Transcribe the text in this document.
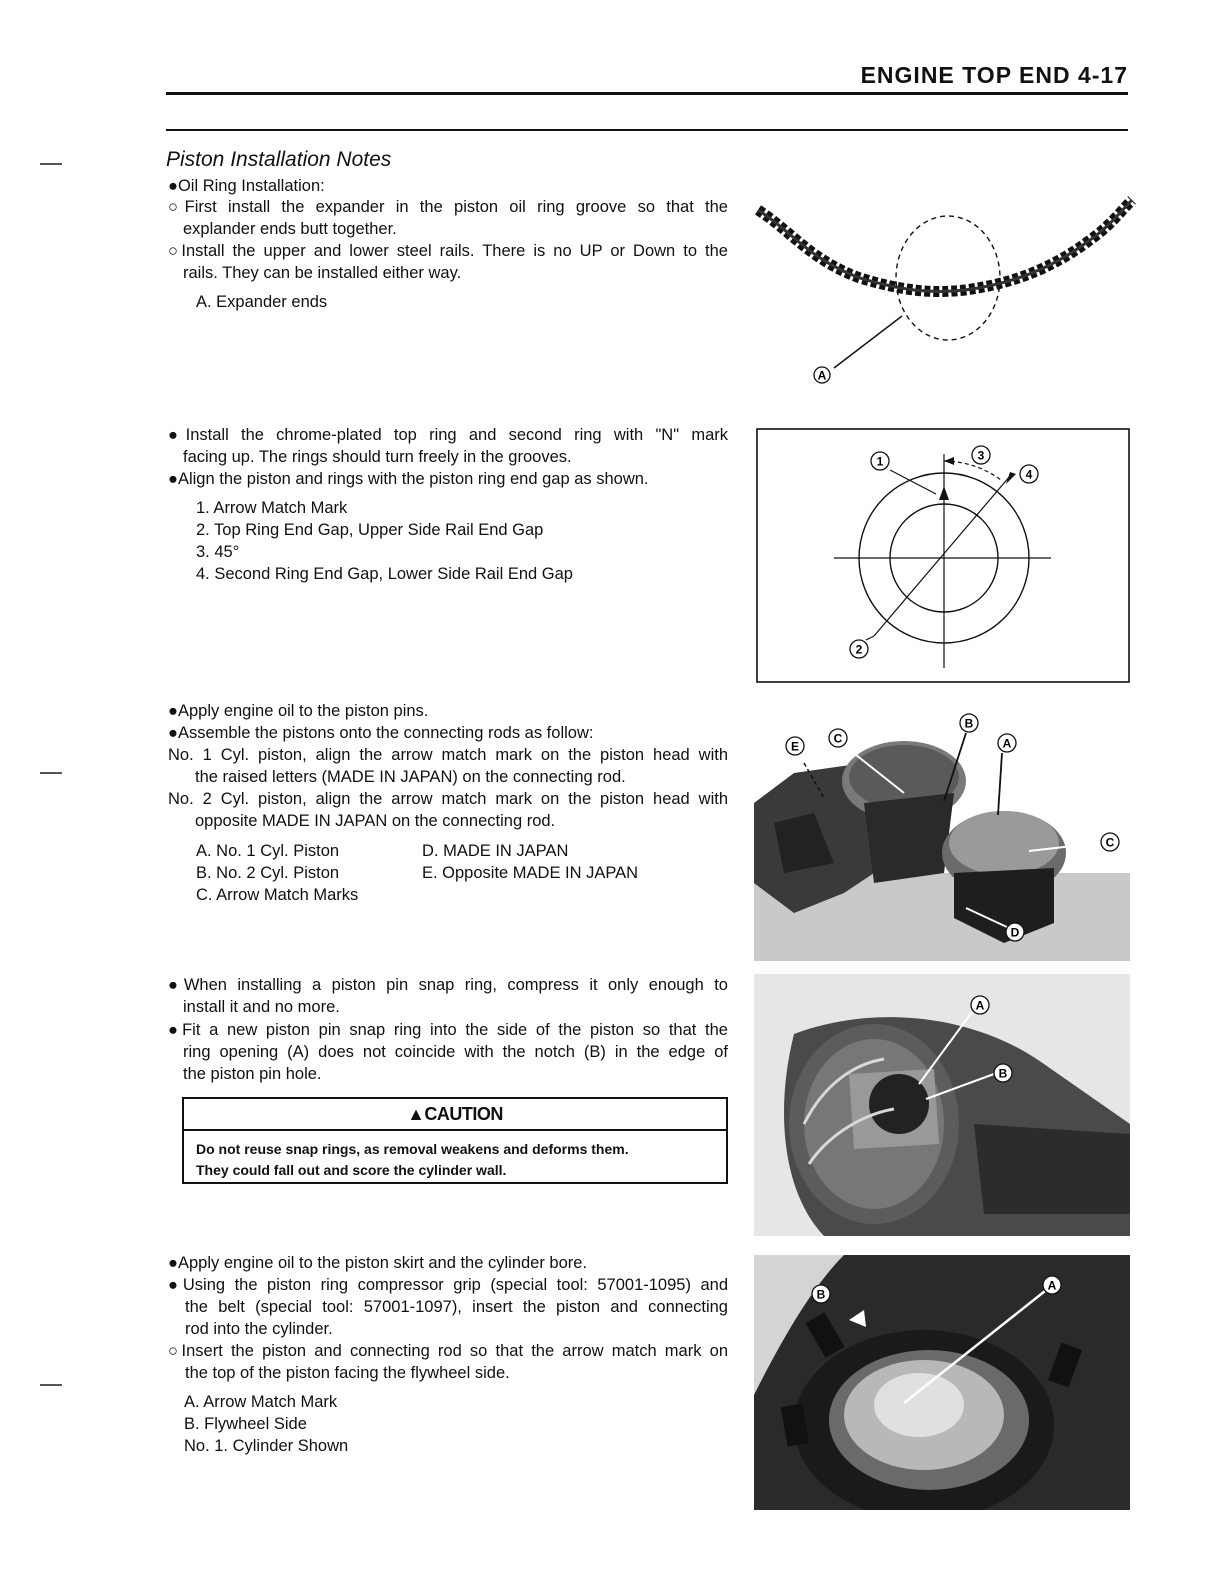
ENGINE TOP END 4-17
Piston Installation Notes
●Oil Ring Installation:
○First install the expander in the piston oil ring groove so that the
explander ends butt together.
○Install the upper and lower steel rails. There is no UP or Down to the
rails. They can be installed either way.
A. Expander ends
A
●Install the chrome-plated top ring and second ring with "N" mark
facing up. The rings should turn freely in the grooves.
●Align the piston and rings with the piston ring end gap as shown.
1. Arrow Match Mark
2. Top Ring End Gap, Upper Side Rail End Gap
3. 45°
4. Second Ring End Gap, Lower Side Rail End Gap
1
2
3
4
●Apply engine oil to the piston pins.
●Assemble the pistons onto the connecting rods as follow:
No. 1 Cyl. piston, align the arrow match mark on the piston head with
the raised letters (MADE IN JAPAN) on the connecting rod.
No. 2 Cyl. piston, align the arrow match mark on the piston head with
opposite MADE IN JAPAN on the connecting rod.
A. No. 1 Cyl. Piston
B. No. 2 Cyl. Piston
C. Arrow Match Marks
D. MADE IN JAPAN
E. Opposite MADE IN JAPAN
E
C
B
A
C
D
●When installing a piston pin snap ring, compress it only enough to
install it and no more.
●Fit a new piston pin snap ring into the side of the piston so that the
ring opening (A) does not coincide with the notch (B) in the edge of
the piston pin hole.
▲CAUTION
Do not reuse snap rings, as removal weakens and deforms them.
They could fall out and score the cylinder wall.
A
B
●Apply engine oil to the piston skirt and the cylinder bore.
●Using the piston ring compressor grip (special tool: 57001-1095) and
the belt (special tool: 57001-1097), insert the piston and connecting
rod into the cylinder.
○Insert the piston and connecting rod so that the arrow match mark on
the top of the piston facing the flywheel side.
A. Arrow Match Mark
B. Flywheel Side
No. 1. Cylinder Shown
A
B
